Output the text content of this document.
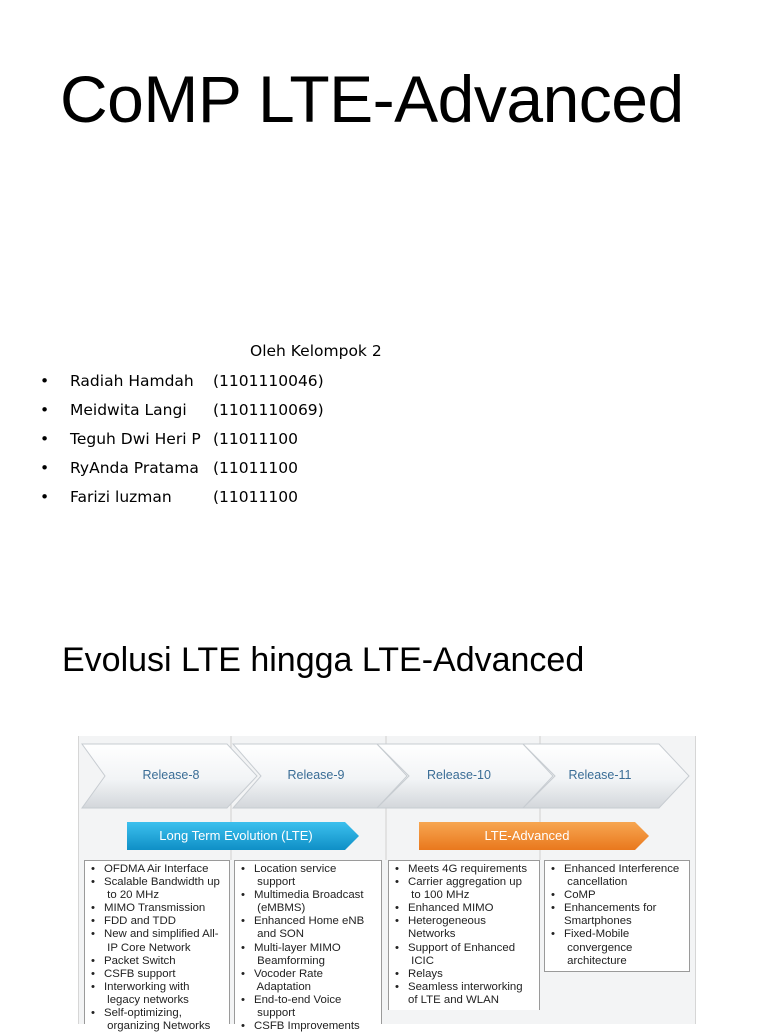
CoMP LTE-Advanced
Oleh Kelompok 2
• Radiah Hamdah (1101110046)
• Meidwita Langi (1101110069)
• Teguh Dwi Heri P (11011100
• RyAnda Pratama (11011100
• Farizi luzman	(11011100
Evolusi LTE hingga LTE-Advanced
Release-8	Release-9	Release-10	Release-11
Long Term Evolution (LTE)	LTE-Advanced
• OFDMA Air Interface
• Scalable Bandwidth up
to 20 MHz
• MIMO Transmission
• FDD and TDD
• New and simplified All-
IP Core Network
• Packet Switch
• CSFB support
• Interworking with
legacy networks
• Self-optimizing,
organizing Networks
• Location service
support
• Multimedia Broadcast
(eMBMS)
• Enhanced Home eNB
and SON
• Multi-layer MIMO
Beamforming
• Vocoder Rate
Adaptation
• End-to-end Voice
support
• CSFB Improvements
• Meets 4G requirements
• Carrier aggregation up
to 100 MHz
• Enhanced MIMO
• Heterogeneous
Networks
• Support of Enhanced
ICIC
• Relays
• Seamless interworking
of LTE and WLAN
• Enhanced Interference
cancellation
• CoMP
• Enhancements for
Smartphones
• Fixed-Mobile
convergence
architecture
